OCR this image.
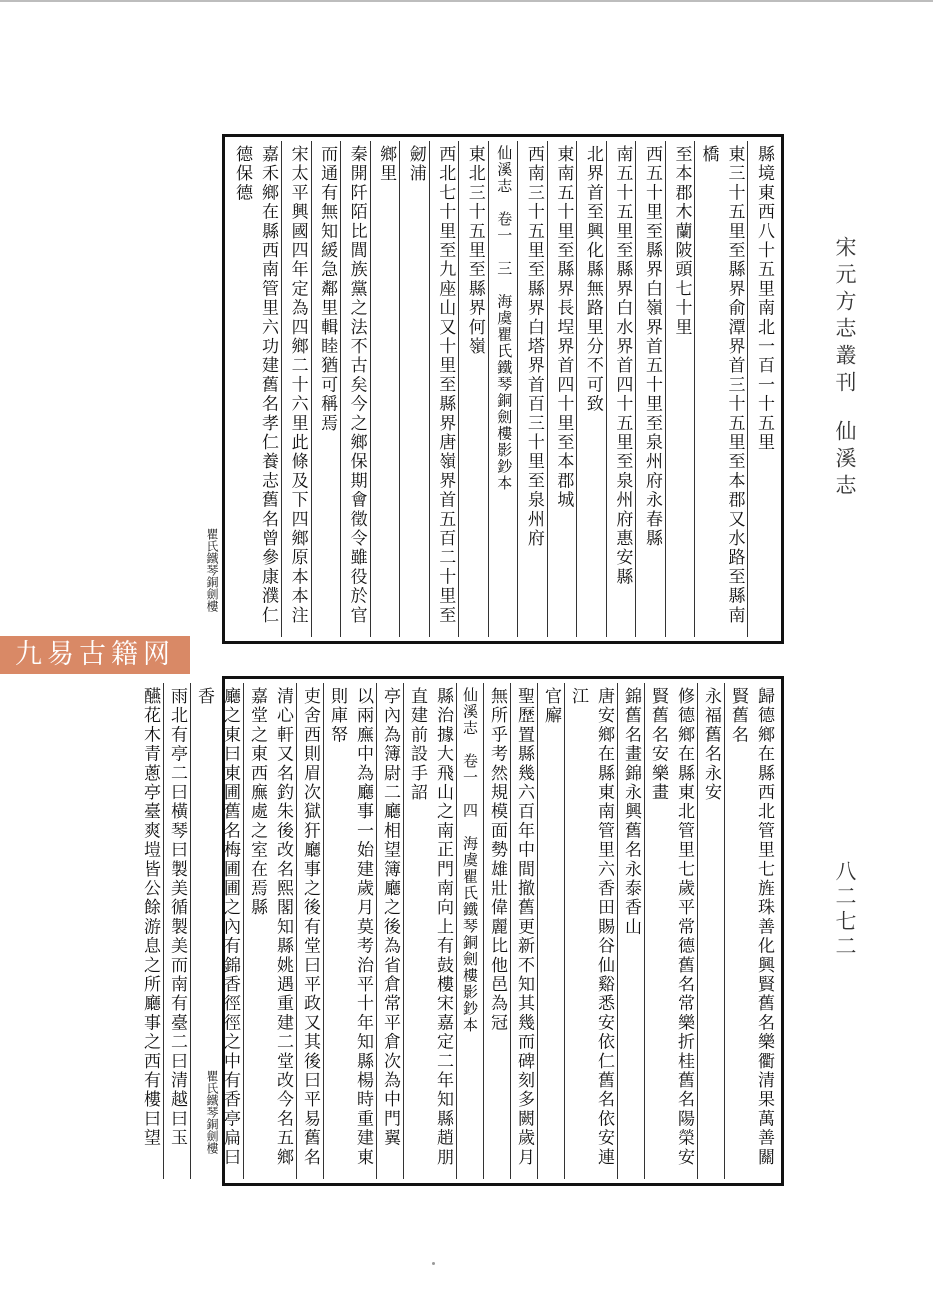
宋元方志叢刊仙溪志
八二七二
縣境東西八十五里南北一百一十五里
東三十五里至縣界俞潭界首三十五里至本郡又水路至縣南橋
至本郡木蘭陂頭七十里
西五十里至縣界白嶺界首五十里至泉州府永春縣
南五十五里至縣界白水界首四十五里至泉州府惠安縣
北界首至興化縣無路里分不可致
東南五十里至縣界長埕界首四十里至本郡城
西南三十五里至縣界白塔界首百三十里至泉州府
仙溪志　卷一　三　海虞瞿氏鐵琴銅劍樓影鈔本
東北三十五里至縣界何嶺
西北七十里至九座山又十里至縣界唐嶺界首五百二十里至
劒浦
鄉里
秦開阡陌比閭族黨之法不古矣今之鄉保期會徵令雖役於官
而通有無知緩急鄰里輯睦猶可稱焉
宋太平興國四年定為四鄉二十六里此條及下四鄉原本本注
嘉禾鄉在縣西南管里六功建舊名孝仁養志舊名曾參康濮仁德保德
瞿氏鐵琴銅劍樓
歸德鄉在縣西北管里七旌珠善化興賢舊名樂衢清果萬善關賢舊名
永福舊名永安
修德鄉在縣東北管里七歲平常德舊名常樂折桂舊名陽榮安賢舊名安樂畫
錦舊名畫錦永興舊名永泰香山
唐安鄉在縣東南管里六香田賜谷仙谿悉安依仁舊名依安連江
官廨
聖歷置縣幾六百年中間撤舊更新不知其幾而碑刻多闕歲月
無所乎考然規模面勢雄壯偉麗比他邑為冠
仙溪志　卷一　四　海虞瞿氏鐵琴銅劍樓影鈔本
縣治據大飛山之南正門南向上有鼓樓宋嘉定二年知縣趙朋直建前設手詔
亭內為簿尉二廳相望簿廳之後為省倉常平倉次為中門翼
以兩廡中為廳事一始建歲月莫考治平十年知縣楊時重建東則庫帑
吏舍西則眉次獄犴廳事之後有堂曰平政又其後曰平易舊名
清心軒又名釣朱後改名熙閣知縣姚遇重建二堂改今名五鄉嘉堂之東西廡處之室在焉縣
廳之東曰東圃舊名梅圃圃之內有錦香徑徑之中有香亭扁曰香
雨北有亭二曰橫琴曰製美循製美而南有臺二曰清越曰玉
醼花木青蔥亭臺爽塏皆公餘游息之所廳事之西有樓曰望	瞿氏鐵琴銅劍樓
九易古籍网
